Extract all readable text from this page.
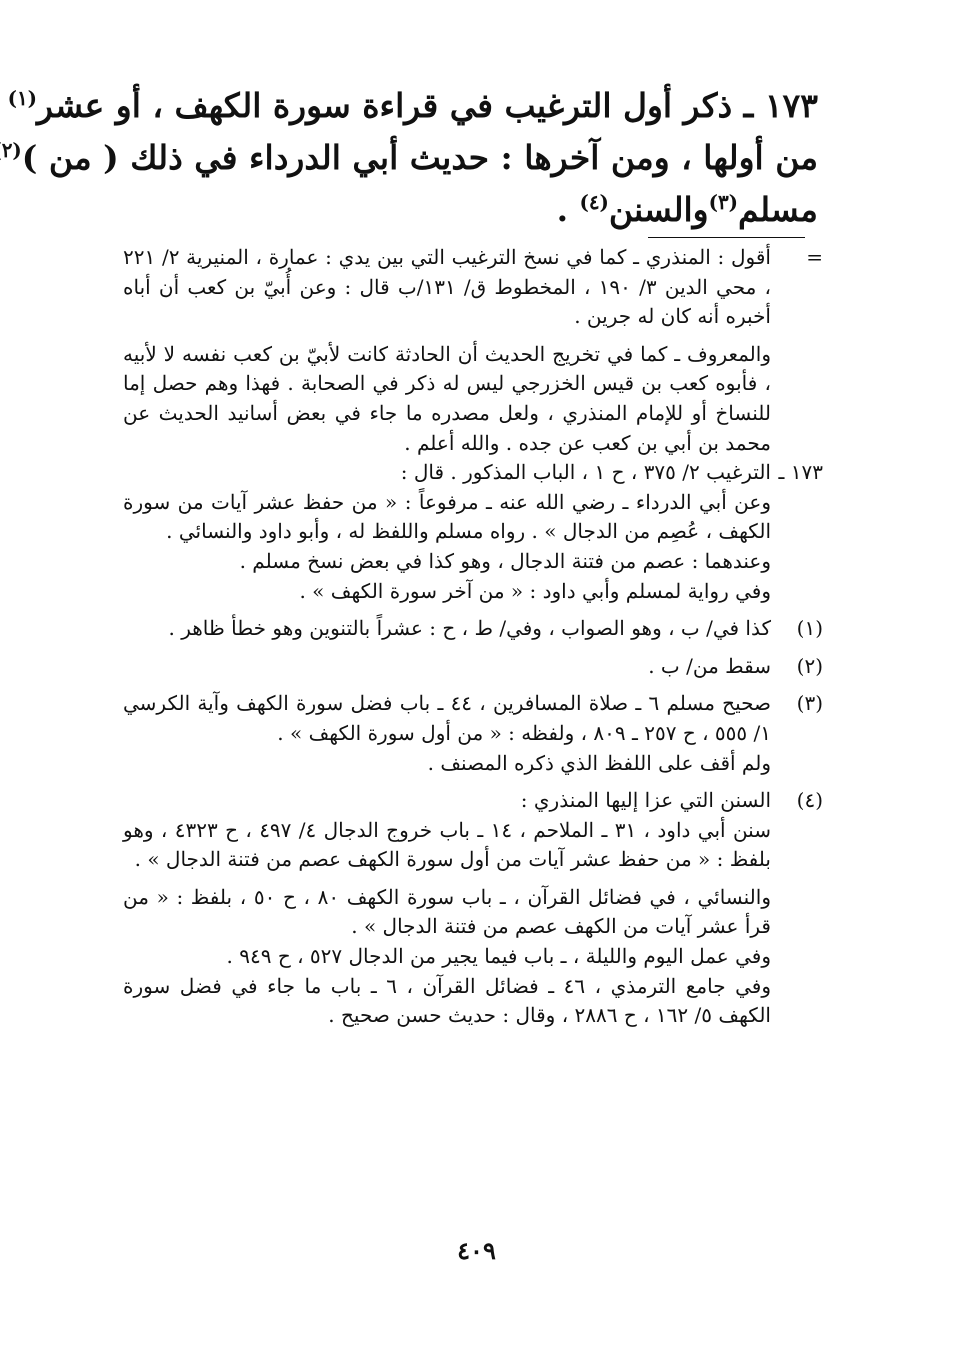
١٧٣ ـ ذكر أول الترغيب في قراءة سورة الكهف ، أو عشر$^{(١)}$
من أولها ، ومن آخرها : حديث أبي الدرداء في ذلك ( من )$^{(٢}$
مسلم$^{(٣)}$والسنن$^{(٤)}$ .
=
أقول : المنذري ـ كما في نسخ الترغيب التي بين يدي : عمارة ، المنيرية ٢/ ٢٢١ ، محي الدين ٣/ ١٩٠ ، المخطوط ق/ ١٣١/ب قال : وعن أُبيّ بن كعب أن أباه أخبره أنه كان له جرين .
والمعروف ـ كما في تخريج الحديث أن الحادثة كانت لأبيّ بن كعب نفسه لا لأبيه ، فأبوه كعب بن قيس الخزرجي ليس له ذكر في الصحابة . فهذا وهم حصل إما للنساخ أو للإمام المنذري ، ولعل مصدره ما جاء في بعض أسانيد الحديث عن محمد بن أبي بن كعب عن جده . والله أعلم .
١٧٣ ـ
الترغيب ٢/ ٣٧٥ ، ح ١ ، الباب المذكور . قال :
وعن أبي الدرداء ـ رضي الله عنه ـ مرفوعاً : « من حفظ عشر آيات من سورة الكهف ، عُصِم من الدجال » . رواه مسلم واللفظ له ، وأبو داود والنسائي .
وعندهما : عصم من فتنة الدجال ، وهو كذا في بعض نسخ مسلم .
وفي رواية لمسلم وأبي داود : « من آخر سورة الكهف » .
(١)
كذا في/ ب ، وهو الصواب ، وفي/ ط ، ح : عشراً بالتنوين وهو خطأ ظاهر .
(٢)
سقط من/ ب .
(٣)
صحيح مسلم ٦ ـ صلاة المسافرين ، ٤٤ ـ باب فضل سورة الكهف وآية الكرسي ١/ ٥٥٥ ، ح ٢٥٧ ـ ٨٠٩ ، ولفظه : « من أول سورة الكهف » .
ولم أقف على اللفظ الذي ذكره المصنف .
(٤)
السنن التي عزا إليها المنذري :
سنن أبي داود ، ٣١ ـ الملاحم ، ١٤ ـ باب خروج الدجال ٤/ ٤٩٧ ، ح ٤٣٢٣ ، وهو بلفظ : « من حفظ عشر آيات من أول سورة الكهف عصم من فتنة الدجال » .
والنسائي ، في فضائل القرآن ، ـ باب سورة الكهف ٨٠ ، ح ٥٠ ، بلفظ : « من قرأ عشر آيات من الكهف عصم من فتنة الدجال » .
وفي عمل اليوم والليلة ، ـ باب فيما يجير من الدجال ٥٢٧ ، ح ٩٤٩ .
وفي جامع الترمذي ، ٤٦ ـ فضائل القرآن ، ٦ ـ باب ما جاء في فضل سورة الكهف ٥/ ١٦٢ ، ح ٢٨٨٦ ، وقال : حديث حسن صحيح .
٤٠٩
